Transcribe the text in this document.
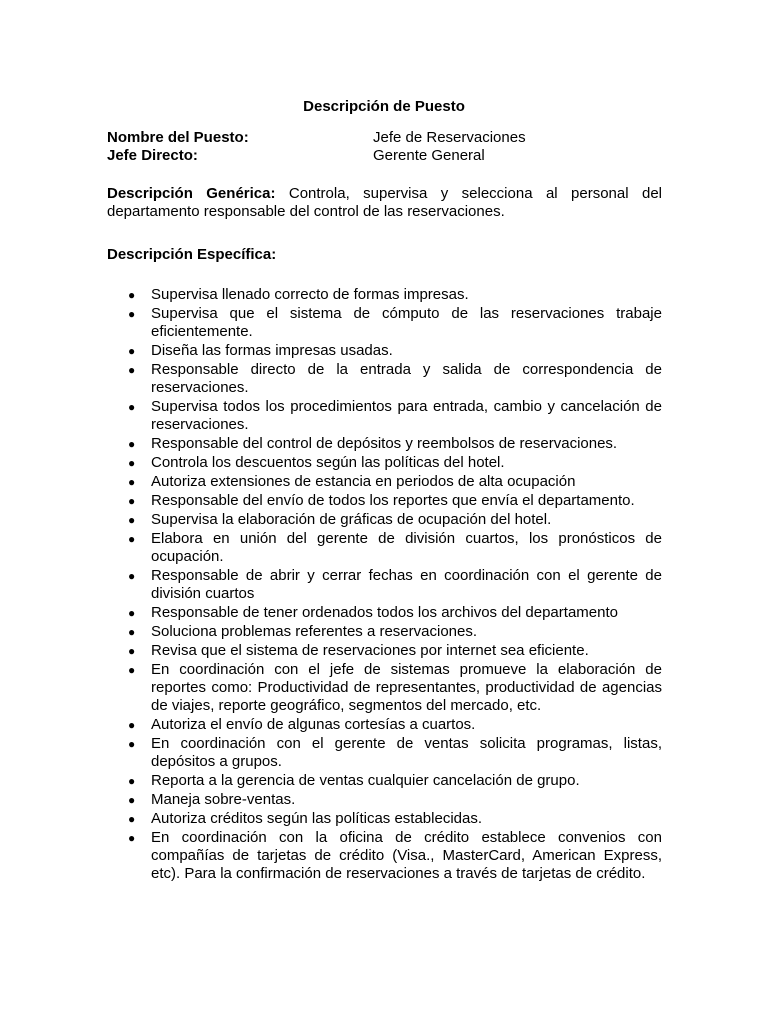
Descripción de Puesto
Nombre del Puesto:	Jefe de Reservaciones
Jefe Directo:	Gerente General
Descripción Genérica: Controla, supervisa y selecciona al personal del departamento responsable del control de las reservaciones.
Descripción Específica:
● Supervisa llenado correcto de formas impresas.
● Supervisa que el sistema de cómputo de las reservaciones trabaje eficientemente.
● Diseña las formas impresas usadas.
● Responsable directo de la entrada y salida de correspondencia de reservaciones.
● Supervisa todos los procedimientos para entrada, cambio y cancelación de reservaciones.
● Responsable del control de depósitos y reembolsos de reservaciones.
● Controla los descuentos según las políticas del hotel.
● Autoriza extensiones de estancia en periodos de alta ocupación
● Responsable del envío de todos los reportes que envía el departamento.
● Supervisa la elaboración de gráficas de ocupación del hotel.
● Elabora en unión del gerente de división cuartos, los pronósticos de ocupación.
● Responsable de abrir y cerrar fechas en coordinación con el gerente de división cuartos
● Responsable de tener ordenados todos los archivos del departamento
● Soluciona problemas referentes a reservaciones.
● Revisa que el sistema de reservaciones por internet sea eficiente.
● En coordinación con el jefe de sistemas promueve la elaboración de reportes como: Productividad de representantes, productividad de agencias de viajes, reporte geográfico, segmentos del mercado, etc.
● Autoriza el envío de algunas cortesías a cuartos.
● En coordinación con el gerente de ventas solicita programas, listas, depósitos a grupos.
● Reporta a la gerencia de ventas cualquier cancelación de grupo.
● Maneja sobre-ventas.
● Autoriza créditos según las políticas establecidas.
● En coordinación con la oficina de crédito establece convenios con compañías de tarjetas de crédito (Visa., MasterCard, American Express, etc). Para la confirmación de reservaciones a través de tarjetas de crédito.
